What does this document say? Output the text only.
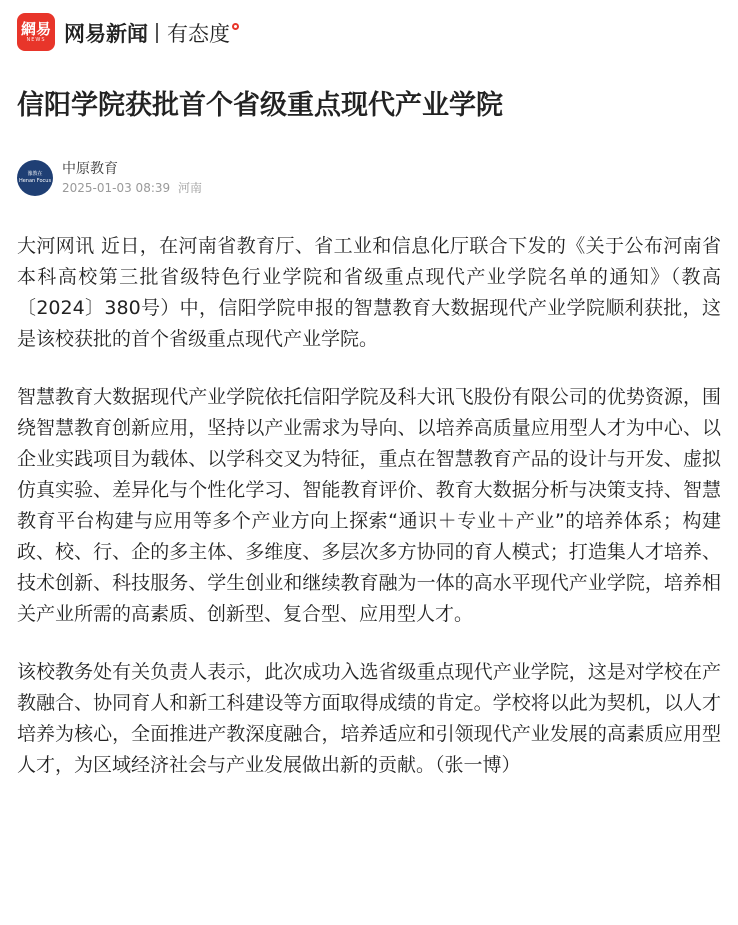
網易
NEWS 网易新闻 有态度
信阳学院获批首个省级重点现代产业学院
豫教在
Henan Focus
中原教育
2025-01-03 08:39 河南

大河网讯 近日，在河南省教育厅、省工业和信息化厅联合下发的《关于公布河南省本科高校第三批省级特色行业学院和省级重点现代产业学院名单的通知》（教高〔2024〕380号）中，信阳学院申报的智慧教育大数据现代产业学院顺利获批，这是该校获批的首个省级重点现代产业学院。

智慧教育大数据现代产业学院依托信阳学院及科大讯飞股份有限公司的优势资源，围绕智慧教育创新应用，坚持以产业需求为导向、以培养高质量应用型人才为中心、以企业实践项目为载体、以学科交叉为特征，重点在智慧教育产品的设计与开发、虚拟仿真实验、差异化与个性化学习、智能教育评价、教育大数据分析与决策支持、智慧教育平台构建与应用等多个产业方向上探索“通识＋专业＋产业”的培养体系；构建政、校、行、企的多主体、多维度、多层次多方协同的育人模式；打造集人才培养、技术创新、科技服务、学生创业和继续教育融为一体的高水平现代产业学院，培养相关产业所需的高素质、创新型、复合型、应用型人才。

该校教务处有关负责人表示，此次成功入选省级重点现代产业学院，这是对学校在产教融合、协同育人和新工科建设等方面取得成绩的肯定。学校将以此为契机，以人才培养为核心，全面推进产教深度融合，培养适应和引领现代产业发展的高素质应用型人才，为区域经济社会与产业发展做出新的贡献。（张一博）
